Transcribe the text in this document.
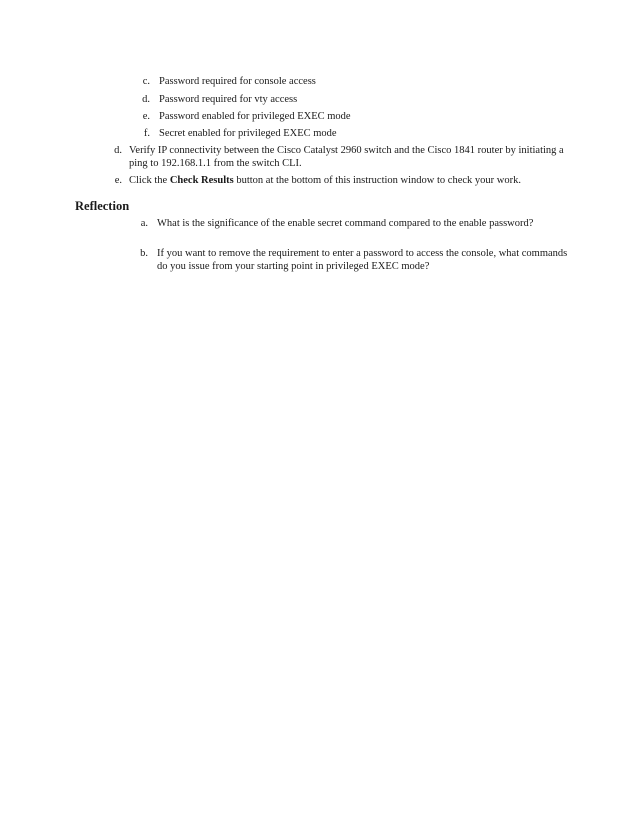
c. Password required for console access
d. Password required for vty access
e. Password enabled for privileged EXEC mode
f. Secret enabled for privileged EXEC mode
d. Verify IP connectivity between the Cisco Catalyst 2960 switch and the Cisco 1841 router by initiating a ping to 192.168.1.1 from the switch CLI.
e. Click the Check Results button at the bottom of this instruction window to check your work.
Reflection
a. What is the significance of the enable secret command compared to the enable password?
b. If you want to remove the requirement to enter a password to access the console, what commands do you issue from your starting point in privileged EXEC mode?
